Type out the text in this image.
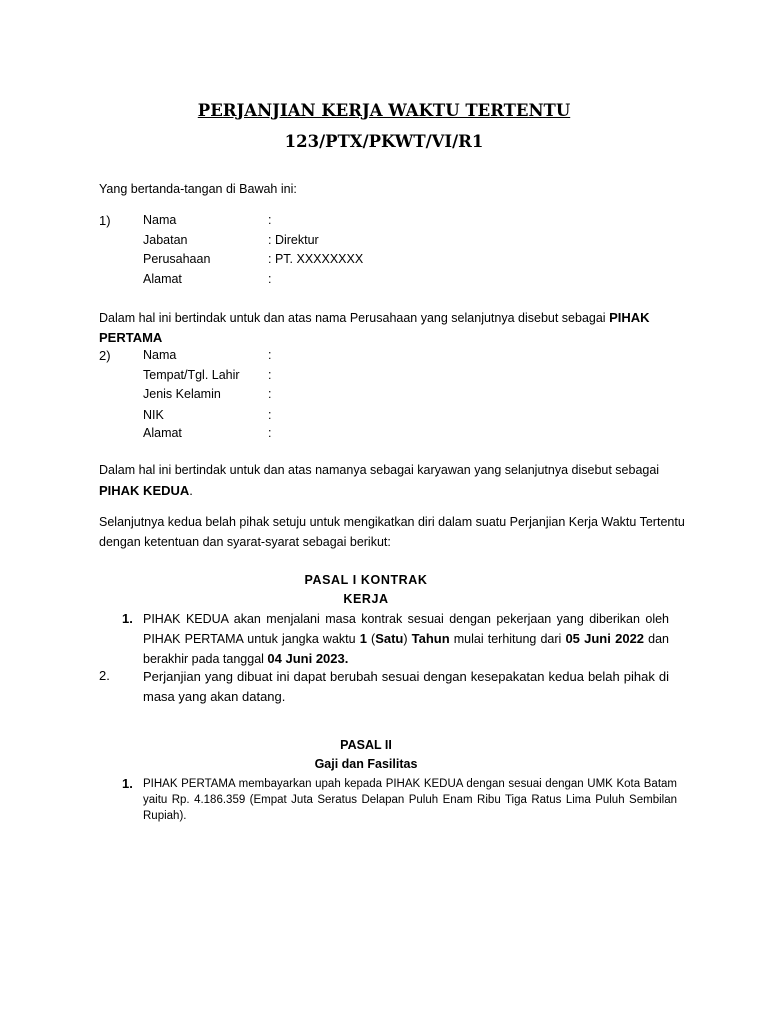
PERJANJIAN KERJA WAKTU TERTENTU
123/PTX/PKWT/VI/R1
Yang bertanda-tangan di Bawah ini:
1)	Nama	:
Jabatan	: Direktur
Perusahaan	: PT. XXXXXXXX
Alamat	:
Dalam hal ini bertindak untuk dan atas nama Perusahaan yang selanjutnya disebut sebagai PIHAK
PERTAMA
2)	Nama	:
Tempat/Tgl. Lahir :
Jenis Kelamin	:
NIK	:
Alamat	:
Dalam hal ini bertindak untuk dan atas namanya sebagai karyawan yang selanjutnya disebut sebagai
PIHAK KEDUA.
Selanjutnya kedua belah pihak setuju untuk mengikatkan diri dalam suatu Perjanjian Kerja Waktu Tertentu
dengan ketentuan dan syarat-syarat sebagai berikut:
PASAL I KONTRAK
KERJA
1. PIHAK KEDUA akan menjalani masa kontrak sesuai dengan pekerjaan yang diberikan oleh PIHAK PERTAMA untuk jangka waktu 1 (Satu) Tahun mulai terhitung dari 05 Juni 2022 dan berakhir pada tanggal 04 Juni 2023.
2.	Perjanjian yang dibuat ini dapat berubah sesuai dengan kesepakatan kedua belah pihak di masa yang akan datang.
PASAL II
Gaji dan Fasilitas
1. PIHAK PERTAMA membayarkan upah kepada PIHAK KEDUA dengan sesuai dengan UMK Kota Batam yaitu Rp. 4.186.359 (Empat Juta Seratus Delapan Puluh Enam Ribu Tiga Ratus Lima Puluh Sembilan Rupiah).
